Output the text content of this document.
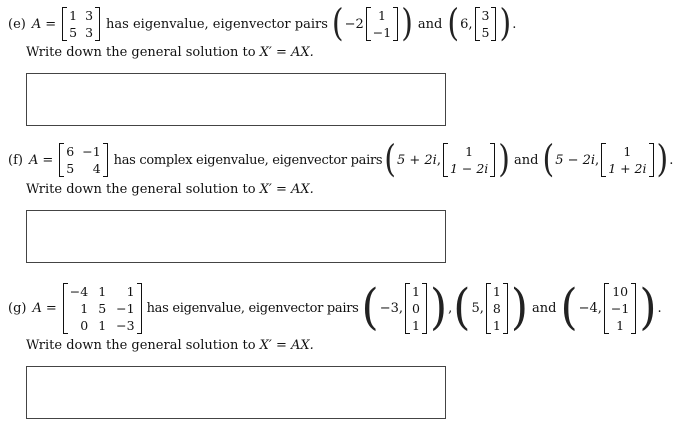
(e) A =
1 3
5 3
has eigenvalue, eigenvector pairs ( −2
1
−1 ) and ( 6 ,
3
5 ) .
Write down the general solution to X′ = AX.
(f) A =
6 −1
5	4
has complex eigenvalue, eigenvector pairs ( 5 + 2i ,
1
1 − 2i ) and ( 5 − 2i ,
1
1 + 2i ) .
Write down the general solution to X′ = AX.
(g) A =
−4 1	1
1 5 −1
0 1 −3
has eigenvalue, eigenvector pairs ( −3 ,
1
0
1 ) , ( 5 ,
1
8
1 ) and ( −4 ,
10
−1
1 ) .
Write down the general solution to X′ = AX.
